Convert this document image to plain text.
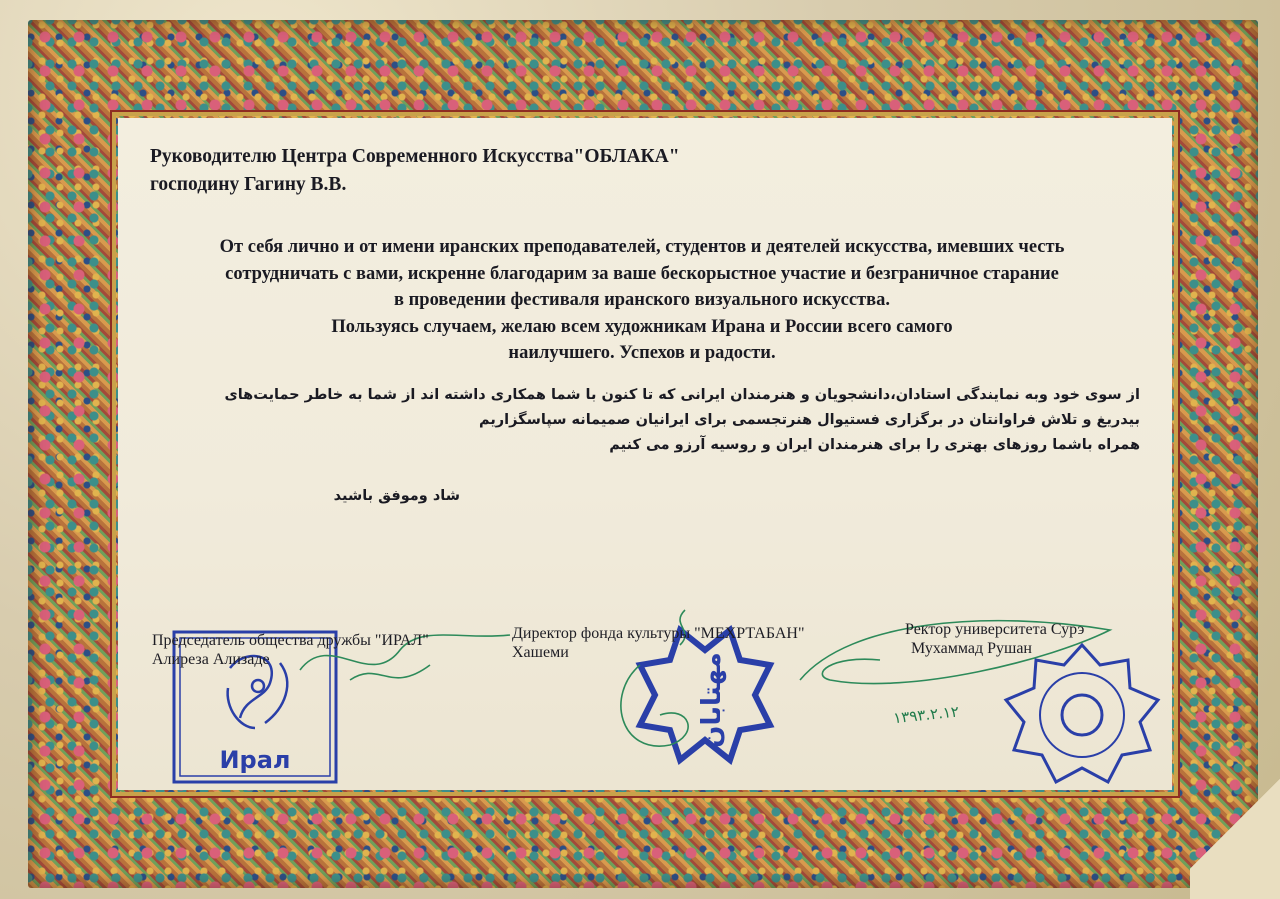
Руководителю Центра Современного Искусства"ОБЛАКА"
господину Гагину В.В.
От себя лично и от имени иранских преподавателей, студентов и деятелей искусства, имевших честь
сотрудничать с вами, искренне благодарим за ваше бескорыстное участие и безграничное старание
в проведении фестиваля иранского визуального искусства.
Пользуясь случаем, желаю всем художникам Ирана и России всего самого
наилучшего. Успехов и радости.
از سوی خود وبه نمایندگی استادان،دانشجویان و هنرمندان ایرانی که تا کنون با شما همکاری داشته اند از شما به خاطر حمایت‌های
بیدریغ و تلاش فراوانتان در برگزاری فستیوال هنرتجسمی برای ایرانیان صمیمانه سپاسگزاریم
همراه باشما روزهای بهتری را برای هنرمندان ایران و روسیه آرزو می کنیم
شاد وموفق باشید
Ирал
مهتابان	۱۳۹۳.۲.۱۲
Председатель общества дружбы "ИРАЛ"
Алиреза Ализаде
Директор фонда культуры "МЕХРТАБАН"
Хашеми
Ректор университета Сурэ
Мухаммад Рушан
